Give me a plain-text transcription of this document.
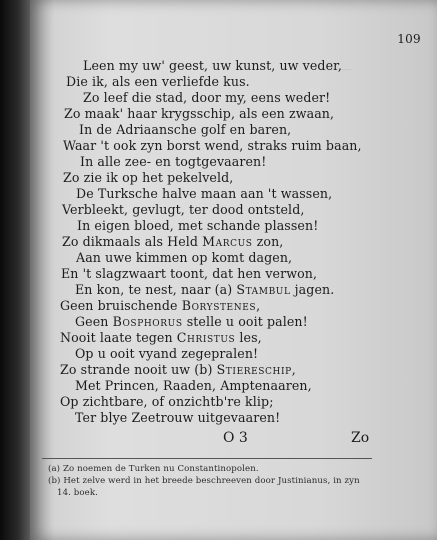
—
109
Leen my uw' geest, uw kunst, uw veder,
Die ik, als een verliefde kus.
Zo leef die stad, door my, eens weder!
Zo maak' haar krygsschip, als een zwaan,
In de Adriaansche golf en baren,
Waar 't ook zyn borst wend, straks ruim baan,
In alle zee- en togtgevaaren!
Zo zie ik op het pekelveld,
De Turksche halve maan aan 't wassen,
Verbleekt, gevlugt, ter dood ontsteld,
In eigen bloed, met schande plassen!
Zo dikmaals als Held Marcus zon,
Aan uwe kimmen op komt dagen,
En 't slagzwaart toont, dat hen verwon,
En kon, te nest, naar (a) Stambul jagen.
Geen bruischende Borystenes,
Geen Bosphorus stelle u ooit palen!
Nooit laate tegen Christus les,
Op u ooit vyand zegepralen!
Zo strande nooit uw (b) Stiereschip,
Met Princen, Raaden, Amptenaaren,
Op zichtbare, of onzichtb're klip;
Ter blye Zeetrouw uitgevaaren!
O 3	Zo
(a) Zo noemen de Turken nu Constantinopolen.
(b) Het zelve werd in het breede beschreeven door Justinianus, in zyn
14. boek.
